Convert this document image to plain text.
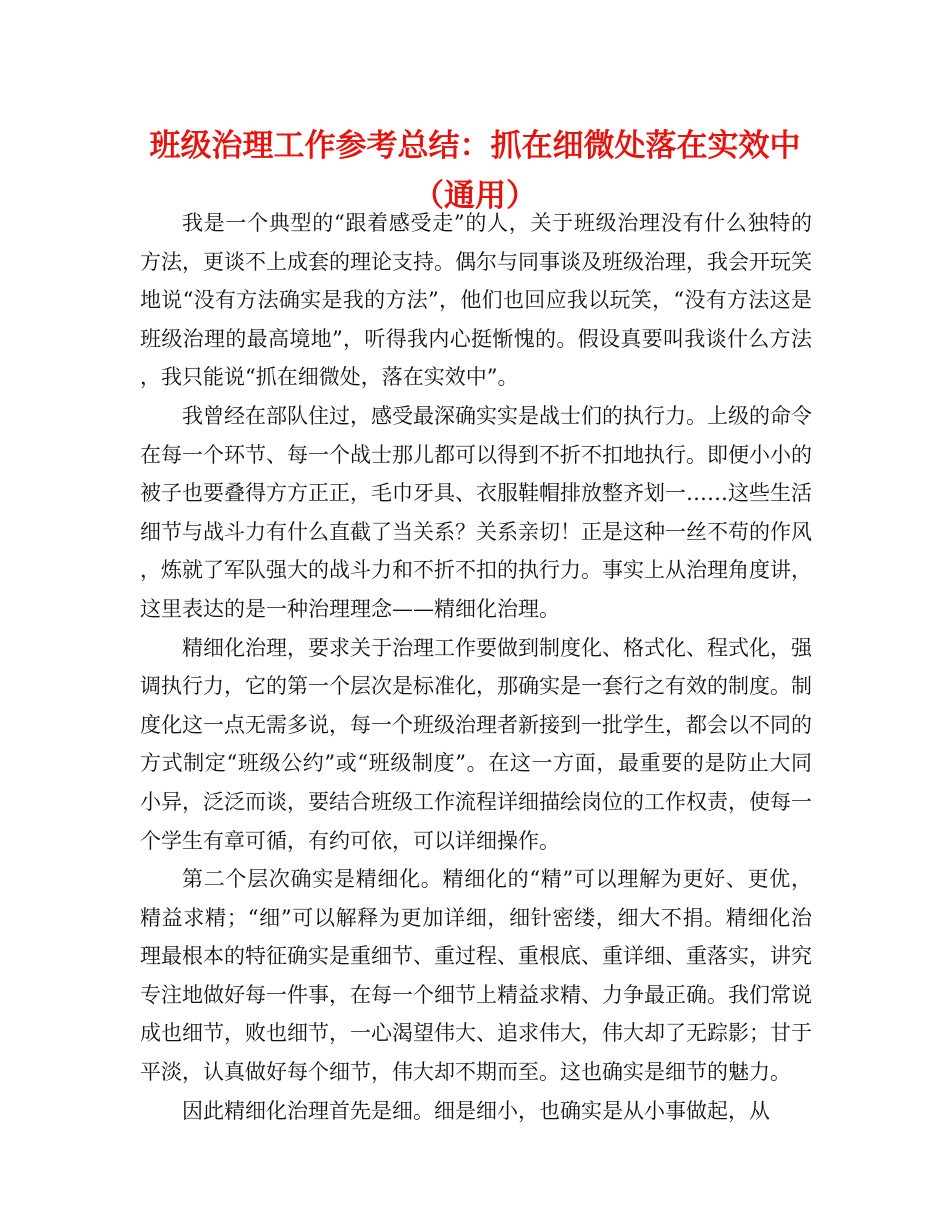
班级治理工作参考总结：抓在细微处落在实效中（通用）

我是一个典型的“跟着感受走”的人，关于班级治理没有什么独特的方法，更谈不上成套的理论支持。偶尔与同事谈及班级治理，我会开玩笑地说“没有方法确实是我的方法”，他们也回应我以玩笑，“没有方法这是班级治理的最高境地”，听得我内心挺惭愧的。假设真要叫我谈什么方法，我只能说“抓在细微处，落在实效中”。

我曾经在部队住过，感受最深确实实是战士们的执行力。上级的命令在每一个环节、每一个战士那儿都可以得到不折不扣地执行。即便小小的被子也要叠得方方正正，毛巾牙具、衣服鞋帽排放整齐划一……这些生活细节与战斗力有什么直截了当关系？关系亲切！正是这种一丝不苟的作风，炼就了军队强大的战斗力和不折不扣的执行力。事实上从治理角度讲，这里表达的是一种治理理念——精细化治理。

精细化治理，要求关于治理工作要做到制度化、格式化、程式化，强调执行力，它的第一个层次是标准化，那确实是一套行之有效的制度。制度化这一点无需多说，每一个班级治理者新接到一批学生，都会以不同的方式制定“班级公约”或“班级制度”。在这一方面，最重要的是防止大同小异，泛泛而谈，要结合班级工作流程详细描绘岗位的工作权责，使每一个学生有章可循，有约可依，可以详细操作。

第二个层次确实是精细化。精细化的“精”可以理解为更好、更优，精益求精；“细”可以解释为更加详细，细针密缕，细大不捐。精细化治理最根本的特征确实是重细节、重过程、重根底、重详细、重落实，讲究专注地做好每一件事，在每一个细节上精益求精、力争最正确。我们常说成也细节，败也细节，一心渴望伟大、追求伟大，伟大却了无踪影；甘于平淡，认真做好每个细节，伟大却不期而至。这也确实是细节的魅力。

因此精细化治理首先是细。细是细小，也确实是从小事做起，从
